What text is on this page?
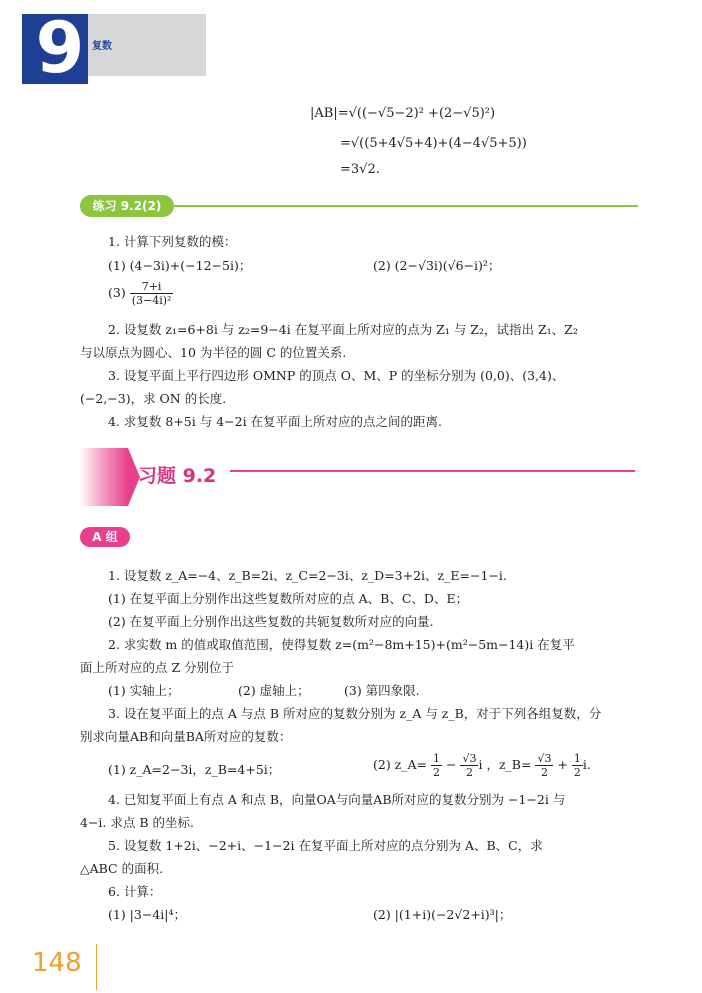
9 复数
|AB|=√((−√5−2)² +(2−√5)²)
=√((5+4√5+4)+(4−4√5+5))
=3√2.
练习 9.2(2)
1. 计算下列复数的模：
(1) (4−3i)+(−12−5i)；	(2) (2−√3i)(√6−i)²；
$(3) \frac{7+i}{\text{(3−4i)²}}$
2. 设复数 z₁=6+8i 与 z₂=9−4i 在复平面上所对应的点为 Z₁ 与 Z₂，试指出 Z₁、Z₂
与以原点为圆心、10 为半径的圆 C 的位置关系.
3. 设复平面上平行四边形 OMNP 的顶点 O、M、P 的坐标分别为 (0,0)、(3,4)、
(−2,−3)，求 ON 的长度.
4. 求复数 8+5i 与 4−2i 在复平面上所对应的点之间的距离.
习题 9.2
A 组
1. 设复数 z_A=−4、z_B=2i、z_C=2−3i、z_D=3+2i、z_E=−1−i.
(1) 在复平面上分别作出这些复数所对应的点 A、B、C、D、E；
(2) 在复平面上分别作出这些复数的共轭复数所对应的向量.
2. 求实数 m 的值或取值范围，使得复数 z=(m²−8m+15)+(m²−5m−14)i 在复平
面上所对应的点 Z 分别位于
(1) 实轴上；	(2) 虚轴上；	(3) 第四象限.
3. 设在复平面上的点 A 与点 B 所对应的复数分别为 z_A 与 z_B，对于下列各组复数，分
别求向量AB和向量BA所对应的复数：
(1) z_A=2−3i，z_B=4+5i；	(2) z_A= $\frac{1}{2} - \frac{√3}{2}$ i ，z_B= $\frac{√3}{2} + \frac{1}{2} i$.
4. 已知复平面上有点 A 和点 B，向量OA与向量AB所对应的复数分别为 −1−2i 与
4−i. 求点 B 的坐标.
5. 设复数 1+2i、−2+i、−1−2i 在复平面上所对应的点分别为 A、B、C，求
△ABC 的面积.
6. 计算：
(1) |3−4i|⁴；	(2) |(1+i)(−2√2+i)³|；
148
